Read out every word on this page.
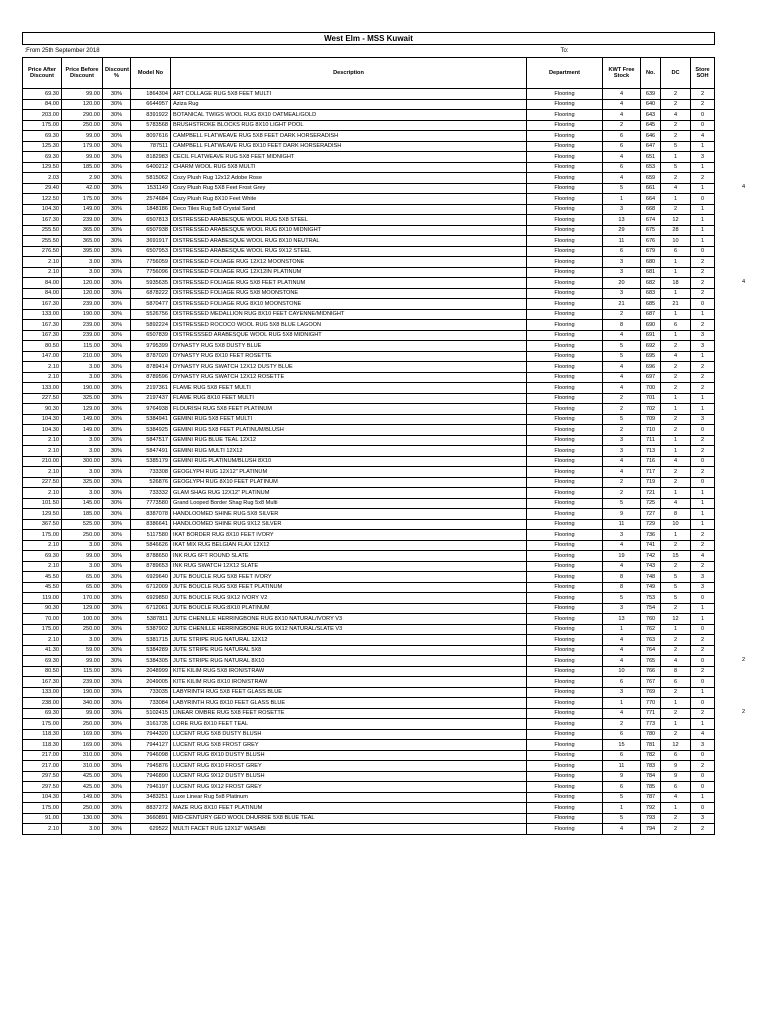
West Elm - MSS Kuwait									
:From 25th September 2018					To:				
Price After Discount	Price Before Discount	Discount %	Model No	Description	Department	KWT Free Stock	No.	DC	Store SOH
69.30	99.00	30%	1864304	ART COLLAGE RUG 5X8 FEET MULTI	Flooring	4	639	2	2
84.00	120.00	30%	6644957	Aziza Rug	Flooring	4	640	2	2
203.00	290.00	30%	8391922	BOTANICAL TWIGS WOOL RUG 8X10 OATMEAL/GOLD	Flooring	4	643	4	0
175.00	250.00	30%	5783568	BRUSHSTROKE BLOCKS RUG 8X10 LIGHT POOL	Flooring	2	645	2	0
69.30	99.00	30%	8097616	CAMPBELL FLATWEAVE RUG 5X8 FEET DARK HORSERADISH	Flooring	6	646	2	4
125.30	179.00	30%	787511	CAMPBELL FLATWEAVE RUG 8X10 FEET DARK HORSERADISH	Flooring	6	647	5	1
69.30	99.00	30%	8182983	CECIL FLATWEAVE RUG 5X8 FEET MIDNIGHT	Flooring	4	651	1	3
129.50	185.00	30%	6400212	CHARM WOOL RUG 5X8 MULTI	Flooring	6	653	5	1
2.03	2.90	30%	5815062	Cozy Plush Rug 12x12 Adobe Rose	Flooring	4	659	2	2
29.40	42.00	30%	1531149	Cozy Plush Rug 5X8 Feet Frost Grey	Flooring	5	661	4	1
122.50	175.00	30%	2574684	Cozy Plush Rug 8X10 Feet White	Flooring	1	664	1	0
104.30	149.00	30%	1848186	Deco Tiles Rug 5x8 Crystal Sand	Flooring	3	668	2	1
167.30	239.00	30%	6507813	DISTRESSED ARABESQUE WOOL RUG 5X8 STEEL	Flooring	13	674	12	1
255.50	365.00	30%	6507938	DISTRESSED ARABESQUE WOOL RUG 8X10 MIDNIGHT	Flooring	29	675	28	1
255.50	365.00	30%	3691917	DISTRESSED ARABESQUE WOOL RUG 8X10 NEUTRAL	Flooring	11	676	10	1
276.50	395.00	30%	6507953	DISTRESSED ARABESQUE WOOL RUG 9X12 STEEL	Flooring	6	679	6	0
2.10	3.00	30%	7756059	DISTRESSED FOLIAGE RUG 12X12 MOONSTONE	Flooring	3	680	1	2
2.10	3.00	30%	7756096	DISTRESSED FOLIAGE RUG 12X12IN PLATINUM	Flooring	3	681	1	2
84.00	120.00	30%	5935635	DISTRESSED FOLIAGE RUG 5X8 FEET PLATINUM	Flooring	20	682	18	2
84.00	120.00	30%	6878222	DISTRESSED FOLIAGE RUG 5X8 MOONSTONE	Flooring	3	683	1	2
167.30	239.00	30%	5870477	DISTRESSED FOLIAGE RUG 8X10 MOONSTONE	Flooring	21	685	21	0
133.00	190.00	30%	5526756	DISTRESSED MEDALLION RUG 8X10 FEET CAYENNE/MIDNIGHT	Flooring	2	687	1	1
167.30	239.00	30%	5892224	DISTRESSED ROCOCO WOOL RUG 5X8 BLUE LAGOON	Flooring	8	690	6	2
167.30	239.00	30%	6507839	DISTRESSSED ARABESQUE WOOL RUG 5X8 MIDNIGHT	Flooring	4	691	1	3
80.50	115.00	30%	9795399	DYNASTY RUG 5X8 DUSTY BLUE	Flooring	5	692	2	3
147.00	210.00	30%	8787020	DYNASTY RUG 8X10 FEET ROSETTE	Flooring	5	695	4	1
2.10	3.00	30%	8789414	DYNASTY RUG SWATCH 12X12 DUSTY BLUE	Flooring	4	696	2	2
2.10	3.00	30%	8789596	DYNASTY RUG SWATCH 12X12 ROSETTE	Flooring	4	697	2	2
133.00	190.00	30%	2197361	FLAME RUG 5X8 FEET MULTI	Flooring	4	700	2	2
227.50	325.00	30%	2197437	FLAME RUG 8X10 FEET MULTI	Flooring	2	701	1	1
90.30	129.00	30%	9764938	FLOURISH RUG 5X8 FEET PLATINUM	Flooring	2	702	1	1
104.30	149.00	30%	5384941	GEMINI RUG 5X8 FEET MULTI	Flooring	5	709	2	3
104.30	149.00	30%	5384925	GEMINI RUG 5X8 FEET PLATINUM/BLUSH	Flooring	2	710	2	0
2.10	3.00	30%	5847517	GEMINI RUG BLUE TEAL 12X12	Flooring	3	711	1	2
2.10	3.00	30%	5847491	GEMINI RUG MULTI 12X12	Flooring	3	713	1	2
210.00	300.00	30%	5385179	GEMINI RUG PLATINUM/BLUSH 8X10	Flooring	4	716	4	0
2.10	3.00	30%	733308	GEOGLYPH RUG 12X12" PLATINUM	Flooring	4	717	2	2
227.50	325.00	30%	526876	GEOGLYPH RUG 8X10 FEET PLATINUM	Flooring	2	719	2	0
2.10	3.00	30%	733332	GLAM SHAG RUG 12X12" PLATINUM	Flooring	2	721	1	1
101.50	145.00	30%	7773580	Grand Looped Border Shag Rug 5x8 Multi	Flooring	5	725	4	1
129.50	185.00	30%	8387078	HANDLOOMED SHINE RUG 5X8 SILVER	Flooring	9	727	8	1
367.50	525.00	30%	8386641	HANDLOOMED SHINE RUG 9X12 SILVER	Flooring	11	729	10	1
175.00	250.00	30%	5117580	IKAT BORDER RUG 8X10 FEET IVORY	Flooring	3	736	1	2
2.10	3.00	30%	5846626	IKAT MIX RUG BELGIAN FLAX 12X12	Flooring	4	741	2	2
69.30	99.00	30%	8788650	INK RUG 6FT ROUND SLATE	Flooring	19	742	15	4
2.10	3.00	30%	8789653	INK RUG SWATCH 12X12 SLATE	Flooring	4	743	2	2
45.50	65.00	30%	6929640	JUTE BOUCLE RUG 5X8 FEET IVORY	Flooring	8	748	5	3
45.50	65.00	30%	6712009	JUTE BOUCLE RUG 5X8 FEET PLATINUM	Flooring	8	749	5	3
119.00	170.00	30%	6929850	JUTE BOUCLE RUG 9X12 IVORY V2	Flooring	5	753	5	0
90.30	129.00	30%	6712061	JUTE BOUCLE RUG:8X10 PLATINUM	Flooring	3	754	2	1
70.00	100.00	30%	5387811	JUTE CHENILLE HERRINGBONE RUG 8X10 NATURAL/IVORY V3	Flooring	13	760	12	1
175.00	250.00	30%	5387902	JUTE CHENILLE HERRINGBONE RUG 9X12 NATURAL/SLATE V3	Flooring	1	762	1	0
2.10	3.00	30%	5381715	JUTE STRIPE RUG NATURAL 12X12	Flooring	4	763	2	2
41.30	59.00	30%	5384289	JUTE STRIPE RUG NATURAL 5X8	Flooring	4	764	2	2
69.30	99.00	30%	5384305	JUTE STRIPE RUG NATURAL 8X10	Flooring	4	765	4	0
80.50	115.00	30%	2048999	KITE KILIM RUG 5X8 IRON/STRAW	Flooring	10	766	8	2
167.30	239.00	30%	2049005	KITE KILIM RUG 8X10 IRON/STRAW	Flooring	6	767	6	0
133.00	190.00	30%	733035	LABYRINTH RUG 5X8 FEET GLASS BLUE	Flooring	3	769	2	1
238.00	340.00	30%	733084	LABYRINTH RUG 8X10 FEET GLASS BLUE	Flooring	1	770	1	0
69.30	99.00	30%	5102415	LINEAR OMBRE RUG 5X8 FEET ROSETTE	Flooring	4	771	2	2
175.00	250.00	30%	3161735	LORE RUG 8X10 FEET TEAL	Flooring	2	773	1	1
118.30	169.00	30%	7944320	LUCENT RUG 5X8 DUSTY BLUSH	Flooring	6	780	2	4
118.30	169.00	30%	7944127	LUCENT RUG 5X8 FROST GREY	Flooring	15	781	12	3
217.00	310.00	30%	7946098	LUCENT RUG 8X10 DUSTY BLUSH	Flooring	6	782	6	0
217.00	310.00	30%	7945876	LUCENT RUG 8X10 FROST GREY	Flooring	11	783	9	2
297.50	425.00	30%	7946890	LUCENT RUG 9X12 DUSTY BLUSH	Flooring	9	784	9	0
297.50	425.00	30%	7946197	LUCENT RUG 9X12 FROST GREY	Flooring	6	785	6	0
104.30	149.00	30%	3483251	Luxe Linear Rug 5x8 Platinum	Flooring	5	787	4	1
175.00	250.00	30%	8837272	MAZE RUG 8X10 FEET PLATINUM	Flooring	1	792	1	0
91.00	130.00	30%	3660891	MID-CENTURY GEO WOOL DHURRIE 5X8 BLUE TEAL	Flooring	5	793	2	3
2.10	3.00	30%	629522	MULTI FACET RUG 12X12" WASABI	Flooring	4	794	2	2
4
4
2
2
